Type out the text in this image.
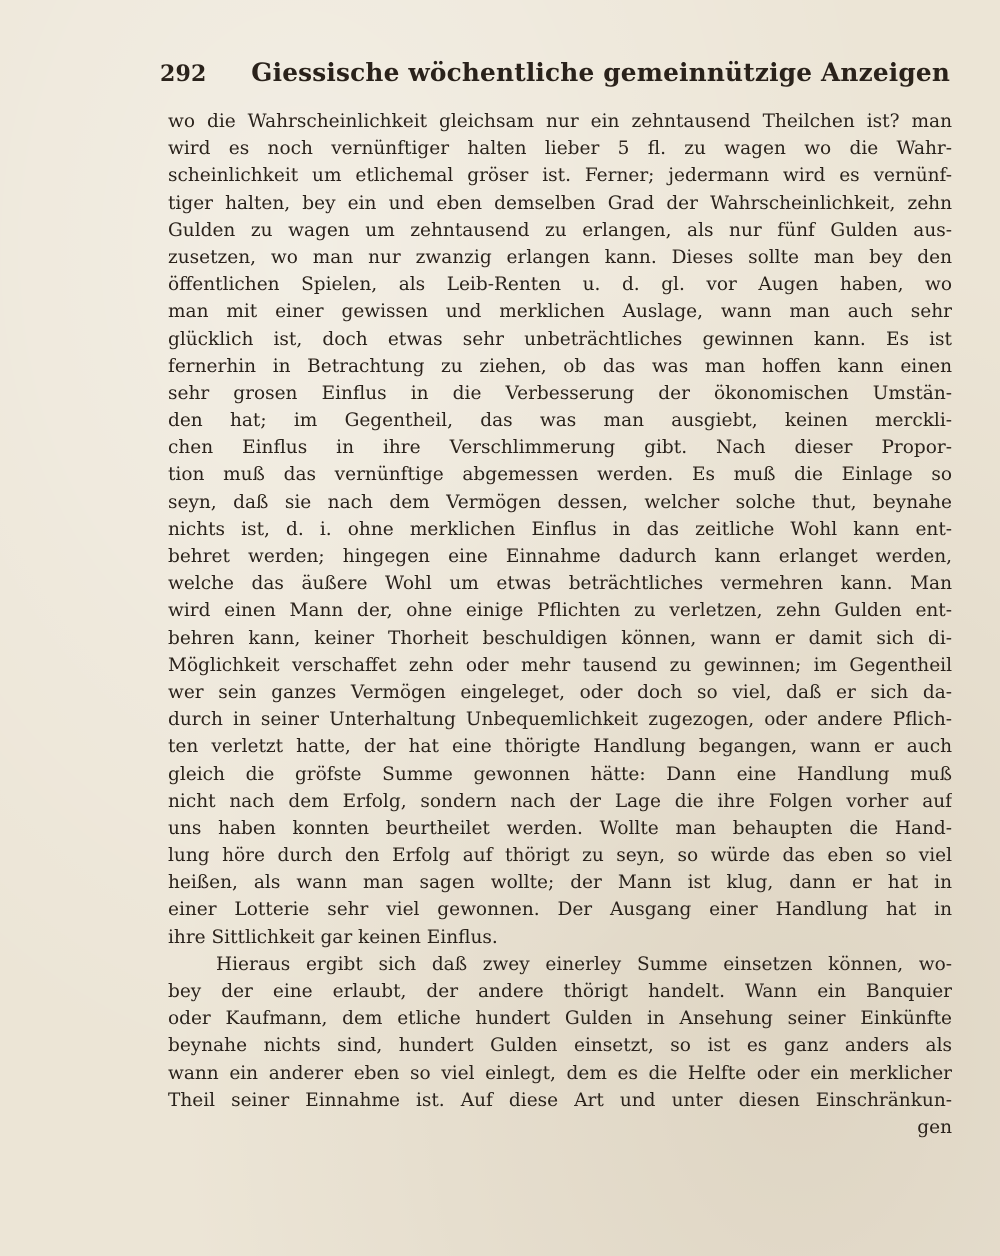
292 Giessische wöchentliche gemeinnützige Anzeigen
wo die Wahrscheinlichkeit gleichsam nur ein zehntausend Theilchen ist? man
wird es noch vernünftiger halten lieber 5 fl. zu wagen wo die Wahr-
scheinlichkeit um etlichemal gröser ist. Ferner; jedermann wird es vernünf-
tiger halten, bey ein und eben demselben Grad der Wahrscheinlichkeit, zehn
Gulden zu wagen um zehntausend zu erlangen, als nur fünf Gulden aus-
zusetzen, wo man nur zwanzig erlangen kann. Dieses sollte man bey den
öffentlichen Spielen, als Leib-Renten u. d. gl. vor Augen haben, wo
man mit einer gewissen und merklichen Auslage, wann man auch sehr
glücklich ist, doch etwas sehr unbeträchtliches gewinnen kann. Es ist
fernerhin in Betrachtung zu ziehen, ob das was man hoffen kann einen
sehr grosen Einflus in die Verbesserung der ökonomischen Umstän-
den hat; im Gegentheil, das was man ausgiebt, keinen merckli-
chen Einflus in ihre Verschlimmerung gibt. Nach dieser Propor-
tion muß das vernünftige abgemessen werden. Es muß die Einlage so
seyn, daß sie nach dem Vermögen dessen, welcher solche thut, beynahe
nichts ist, d. i. ohne merklichen Einflus in das zeitliche Wohl kann ent-
behret werden; hingegen eine Einnahme dadurch kann erlanget werden,
welche das äußere Wohl um etwas beträchtliches vermehren kann. Man
wird einen Mann der, ohne einige Pflichten zu verletzen, zehn Gulden ent-
behren kann, keiner Thorheit beschuldigen können, wann er damit sich di-
Möglichkeit verschaffet zehn oder mehr tausend zu gewinnen; im Gegentheil
wer sein ganzes Vermögen eingeleget, oder doch so viel, daß er sich da-
durch in seiner Unterhaltung Unbequemlichkeit zugezogen, oder andere Pflich-
ten verletzt hatte, der hat eine thörigte Handlung begangen, wann er auch
gleich die gröfste Summe gewonnen hätte: Dann eine Handlung muß
nicht nach dem Erfolg, sondern nach der Lage die ihre Folgen vorher auf
uns haben konnten beurtheilet werden. Wollte man behaupten die Hand-
lung höre durch den Erfolg auf thörigt zu seyn, so würde das eben so viel
heißen, als wann man sagen wollte; der Mann ist klug, dann er hat in
einer Lotterie sehr viel gewonnen. Der Ausgang einer Handlung hat in
ihre Sittlichkeit gar keinen Einflus.
Hieraus ergibt sich daß zwey einerley Summe einsetzen können, wo-
bey der eine erlaubt, der andere thörigt handelt. Wann ein Banquier
oder Kaufmann, dem etliche hundert Gulden in Ansehung seiner Einkünfte
beynahe nichts sind, hundert Gulden einsetzt, so ist es ganz anders als
wann ein anderer eben so viel einlegt, dem es die Helfte oder ein merklicher
Theil seiner Einnahme ist. Auf diese Art und unter diesen Einschränkun-
gen
